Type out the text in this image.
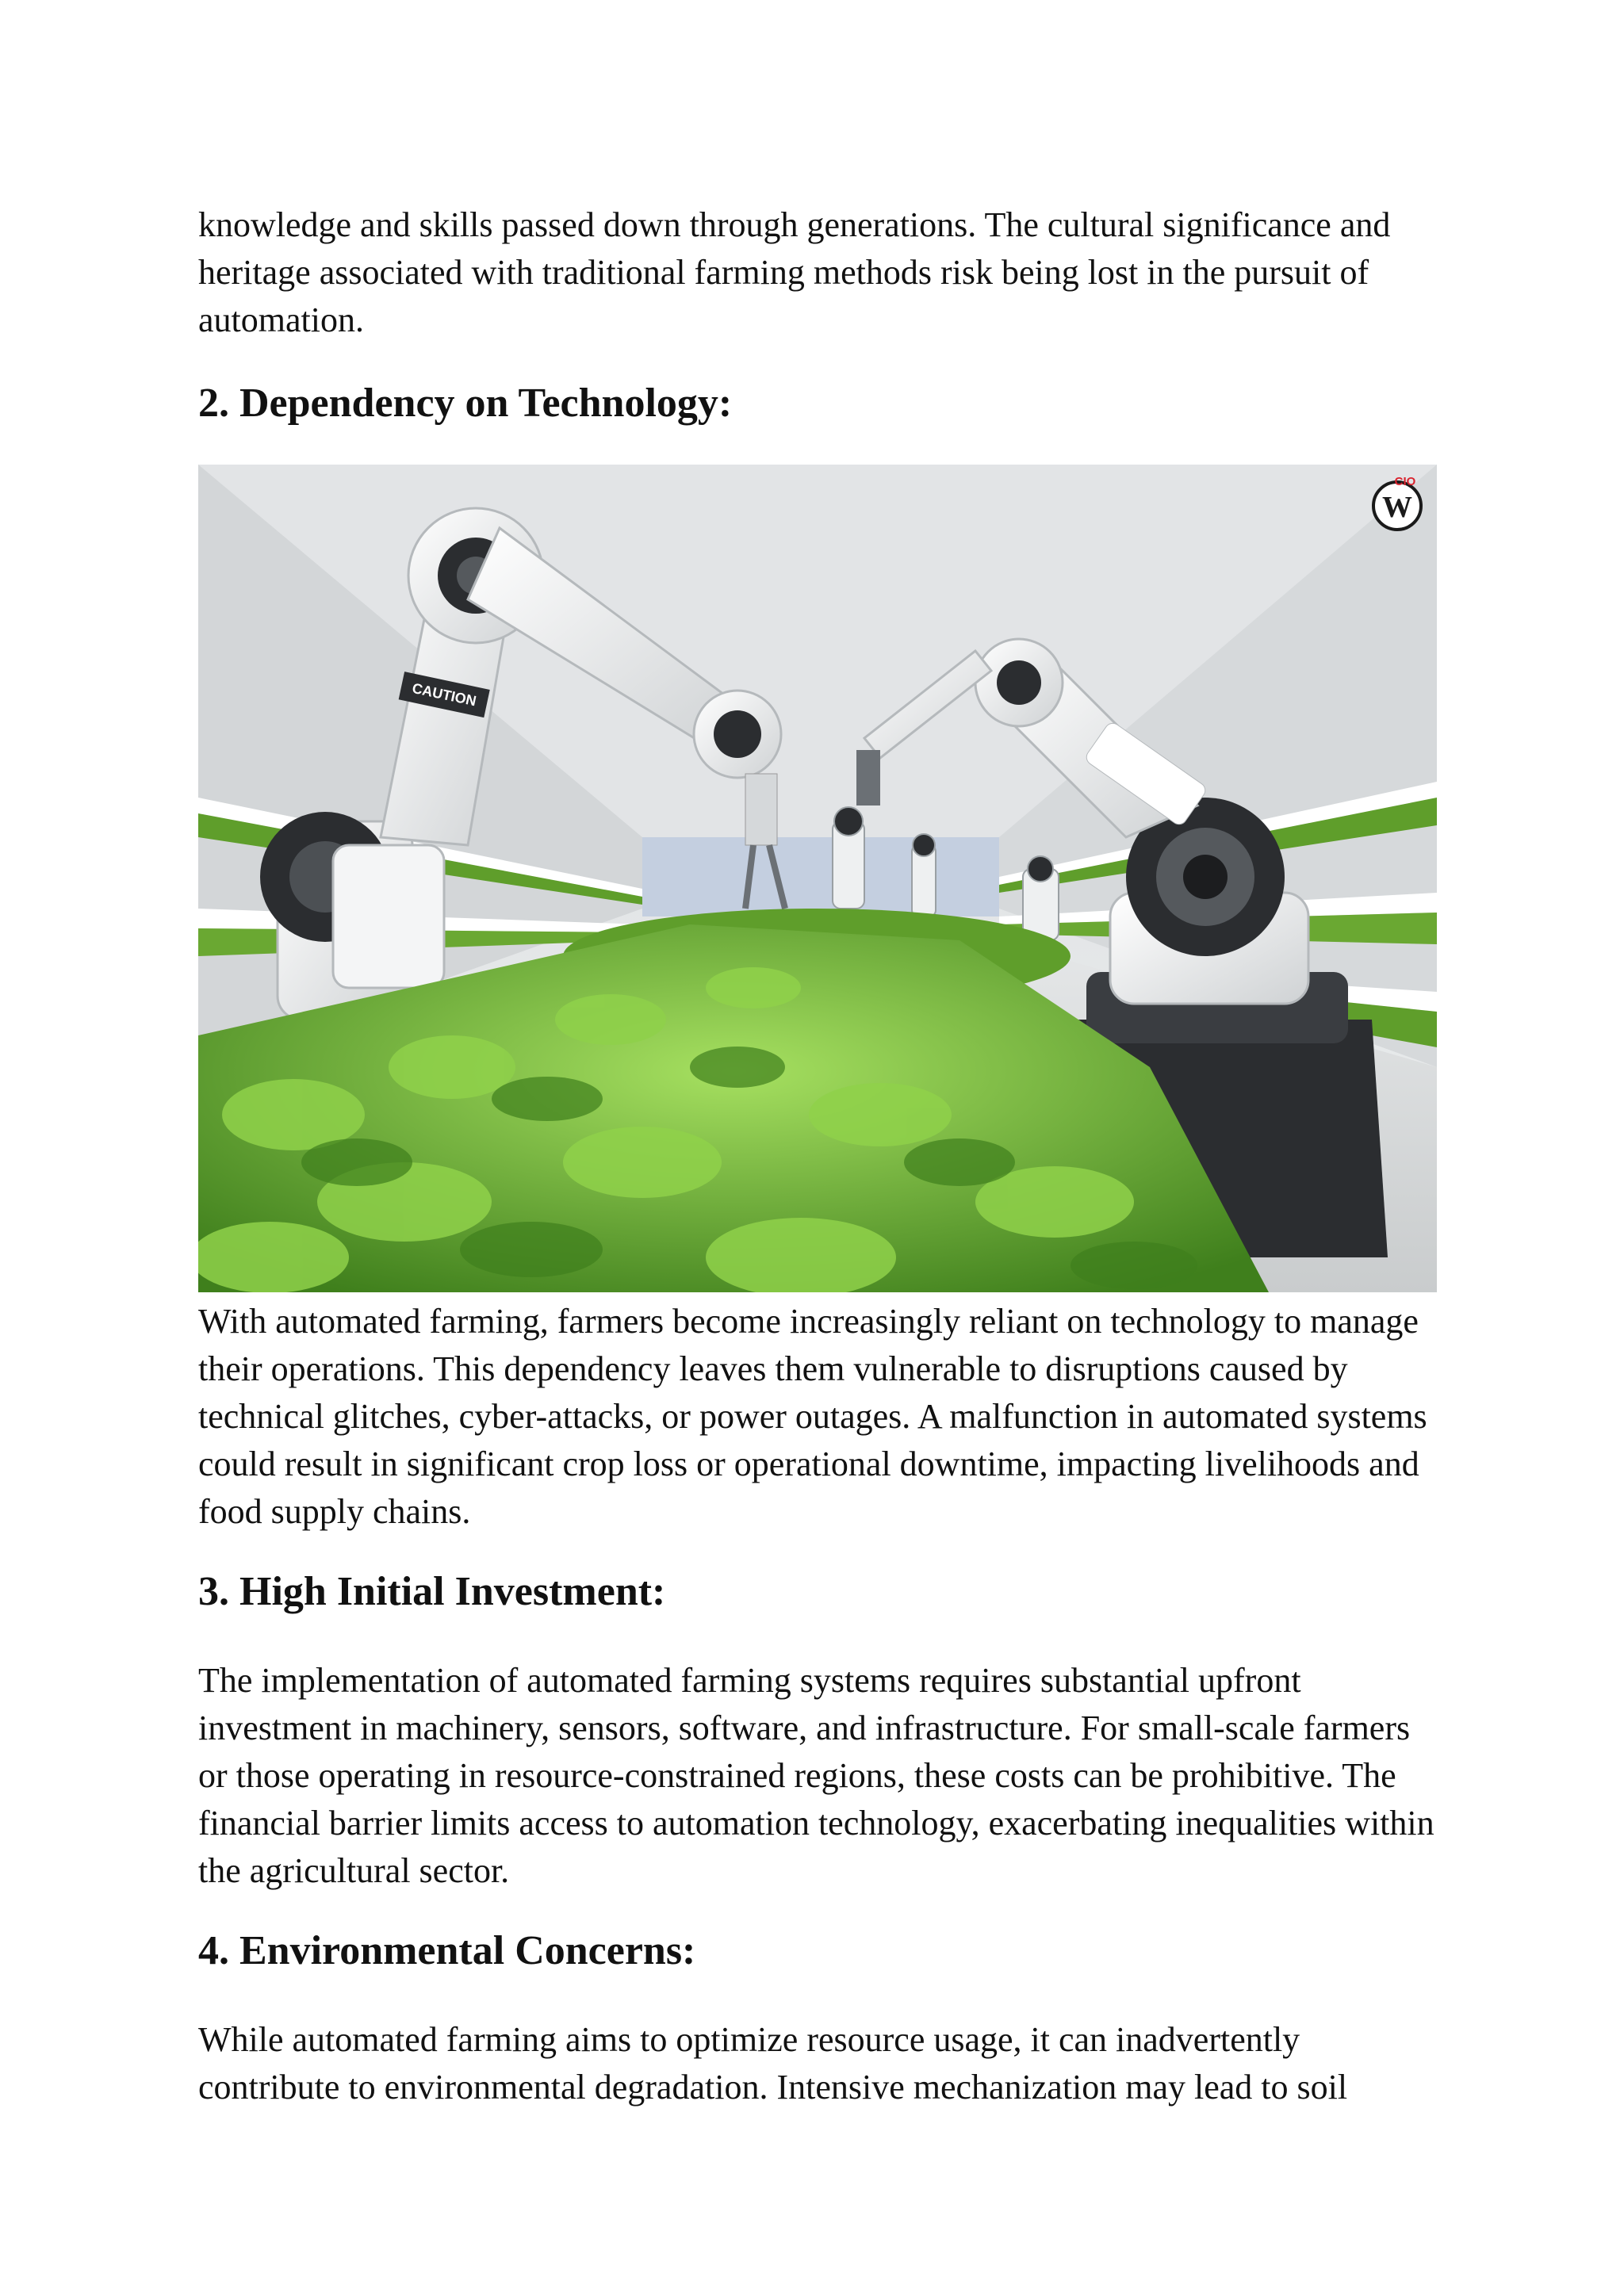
knowledge and skills passed down through generations. The cultural significance and heritage associated with traditional farming methods risk being lost in the pursuit of automation.

2. Dependency on Technology:
CAUTION
W
CIO

With automated farming, farmers become increasingly reliant on technology to manage their operations. This dependency leaves them vulnerable to disruptions caused by technical glitches, cyber-attacks, or power outages. A malfunction in automated systems could result in significant crop loss or operational downtime, impacting livelihoods and food supply chains.

3. High Initial Investment:

The implementation of automated farming systems requires substantial upfront investment in machinery, sensors, software, and infrastructure. For small-scale farmers or those operating in resource-constrained regions, these costs can be prohibitive. The financial barrier limits access to automation technology, exacerbating inequalities within the agricultural sector.

4. Environmental Concerns:

While automated farming aims to optimize resource usage, it can inadvertently contribute to environmental degradation. Intensive mechanization may lead to soil
